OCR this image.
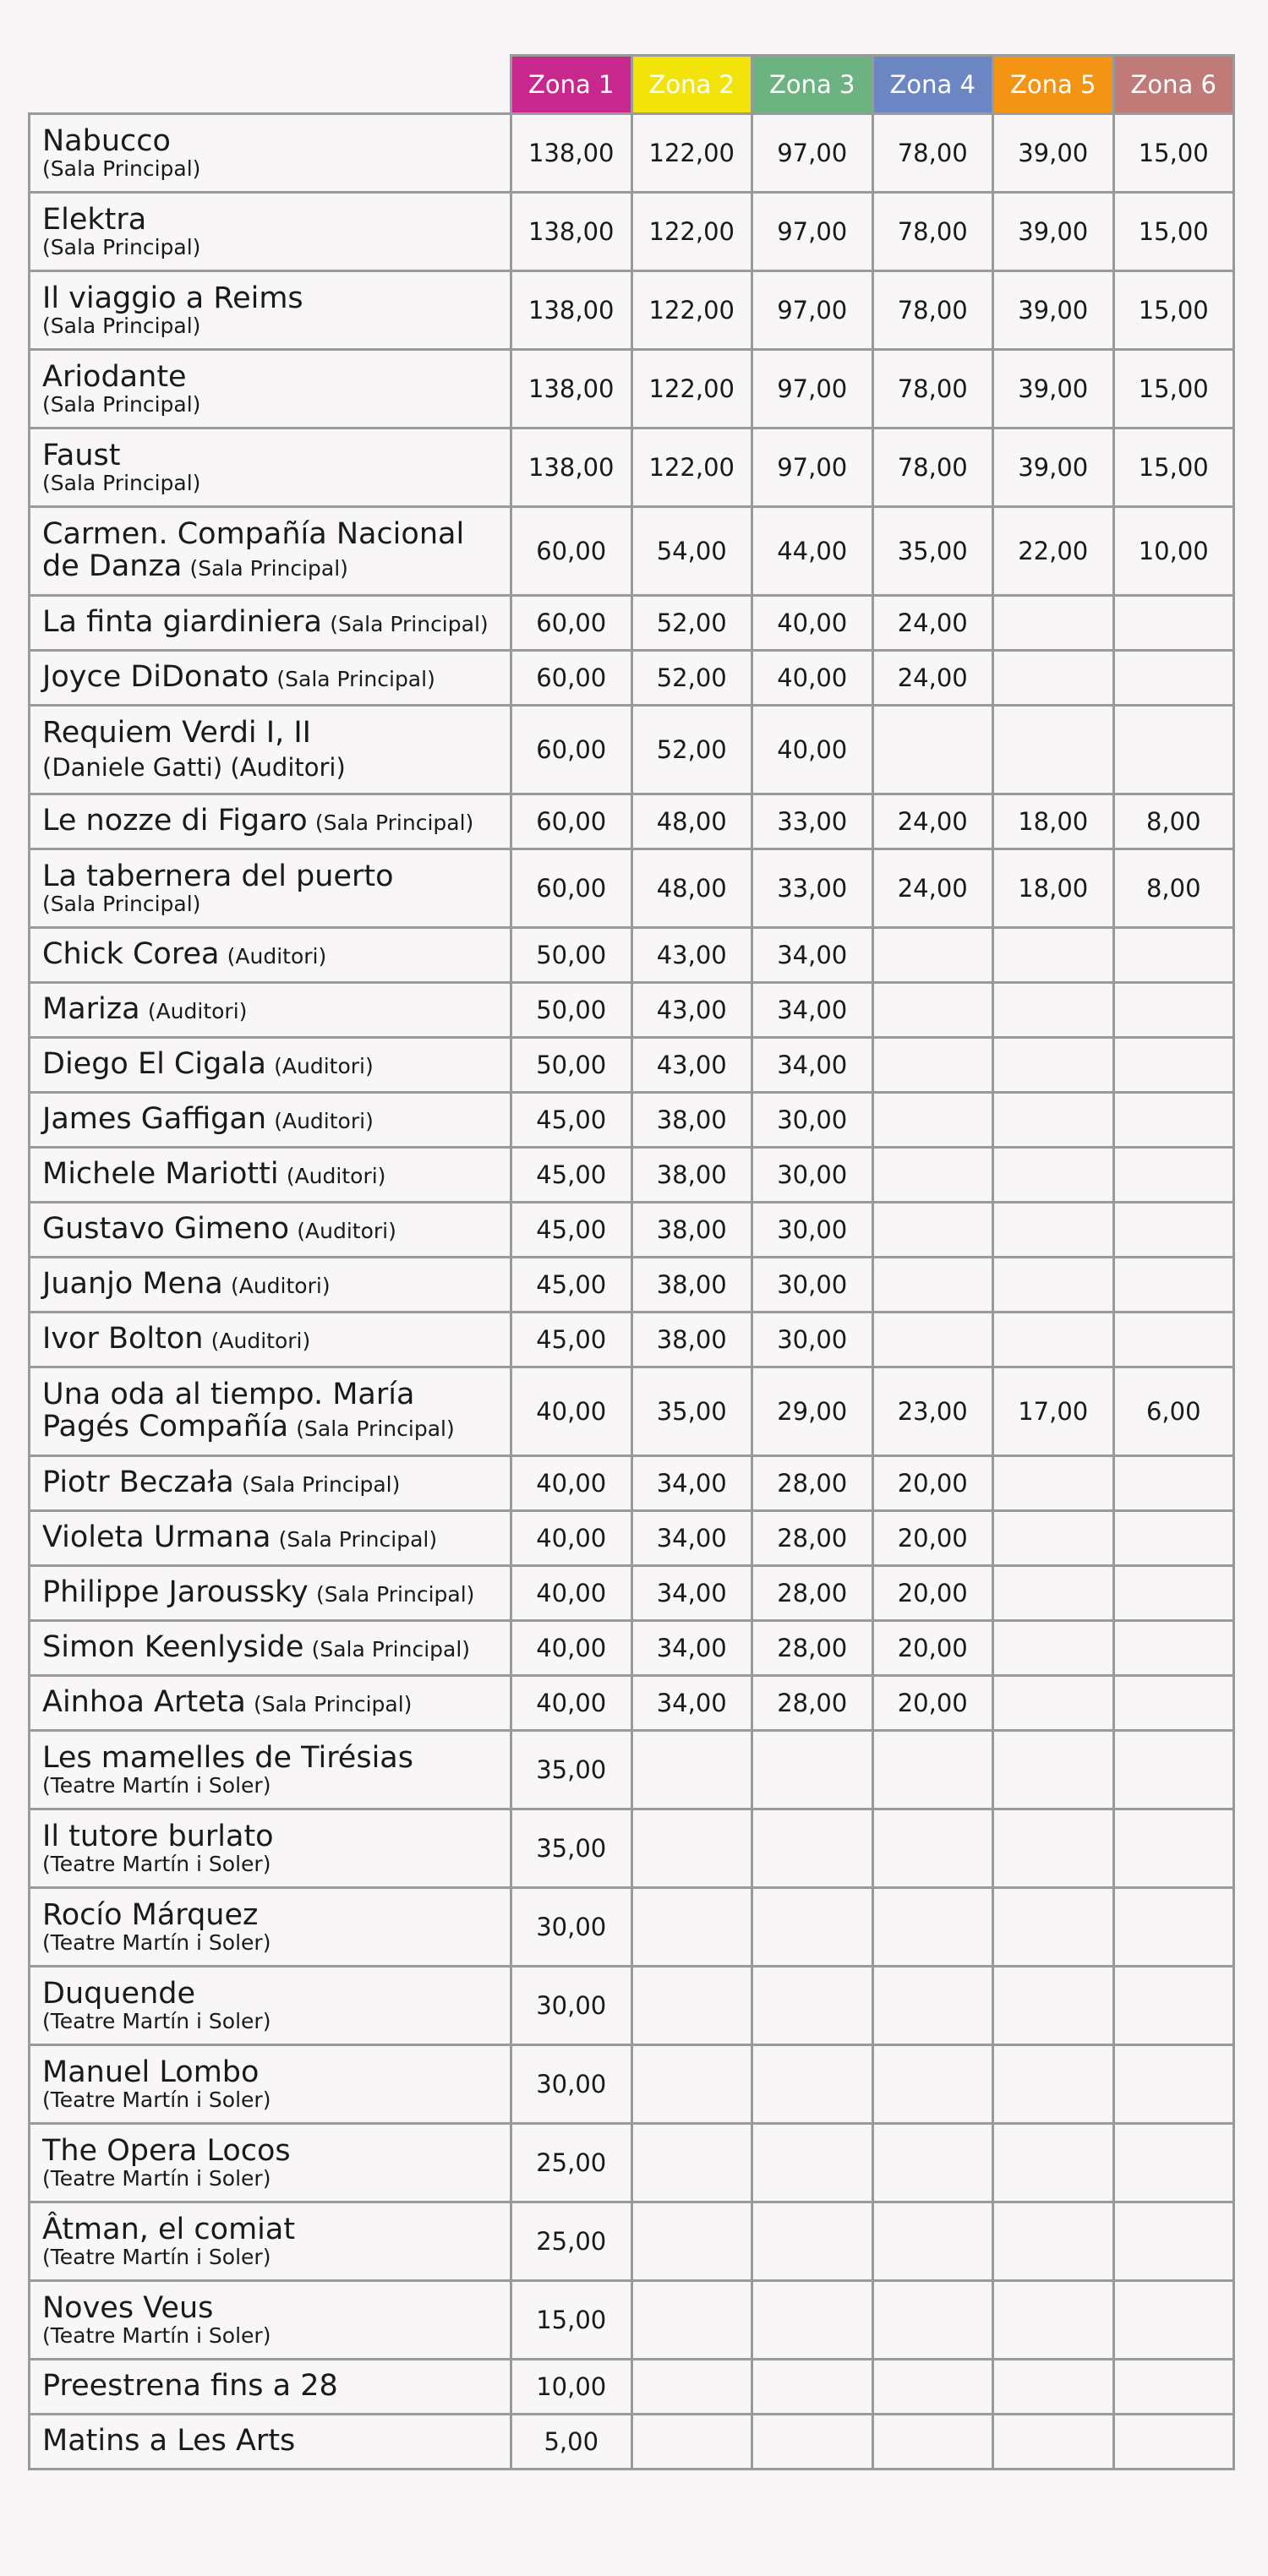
	Zona 1	Zona 2	Zona 3	Zona 4	Zona 5	Zona 6
Nabucco
(Sala Principal)	138,00	122,00	97,00	78,00	39,00	15,00
Elektra
(Sala Principal)	138,00	122,00	97,00	78,00	39,00	15,00
Il viaggio a Reims
(Sala Principal)	138,00	122,00	97,00	78,00	39,00	15,00
Ariodante
(Sala Principal)	138,00	122,00	97,00	78,00	39,00	15,00
Faust
(Sala Principal)	138,00	122,00	97,00	78,00	39,00	15,00
Carmen. Compañía Nacional de Danza (Sala Principal)	60,00	54,00	44,00	35,00	22,00	10,00
La finta giardiniera (Sala Principal)	60,00	52,00	40,00	24,00		
Joyce DiDonato (Sala Principal)	60,00	52,00	40,00	24,00		
Requiem Verdi I, II
(Daniele Gatti) (Auditori)	60,00	52,00	40,00			
Le nozze di Figaro (Sala Principal)	60,00	48,00	33,00	24,00	18,00	8,00
La tabernera del puerto
(Sala Principal)	60,00	48,00	33,00	24,00	18,00	8,00
Chick Corea (Auditori)	50,00	43,00	34,00			
Mariza (Auditori)	50,00	43,00	34,00			
Diego El Cigala (Auditori)	50,00	43,00	34,00			
James Gaffigan (Auditori)	45,00	38,00	30,00			
Michele Mariotti (Auditori)	45,00	38,00	30,00			
Gustavo Gimeno (Auditori)	45,00	38,00	30,00			
Juanjo Mena (Auditori)	45,00	38,00	30,00			
Ivor Bolton (Auditori)	45,00	38,00	30,00			
Una oda al tiempo. María Pagés Compañía (Sala Principal)	40,00	35,00	29,00	23,00	17,00	6,00
Piotr Beczała (Sala Principal)	40,00	34,00	28,00	20,00		
Violeta Urmana (Sala Principal)	40,00	34,00	28,00	20,00		
Philippe Jaroussky (Sala Principal)	40,00	34,00	28,00	20,00		
Simon Keenlyside (Sala Principal)	40,00	34,00	28,00	20,00		
Ainhoa Arteta (Sala Principal)	40,00	34,00	28,00	20,00		
Les mamelles de Tirésias
(Teatre Martín i Soler)	35,00					
Il tutore burlato
(Teatre Martín i Soler)	35,00					
Rocío Márquez
(Teatre Martín i Soler)	30,00					
Duquende
(Teatre Martín i Soler)	30,00					
Manuel Lombo
(Teatre Martín i Soler)	30,00					
The Opera Locos
(Teatre Martín i Soler)	25,00					
Âtman, el comiat
(Teatre Martín i Soler)	25,00					
Noves Veus
(Teatre Martín i Soler)	15,00					
Preestrena fins a 28	10,00					
Matins a Les Arts	5,00					
